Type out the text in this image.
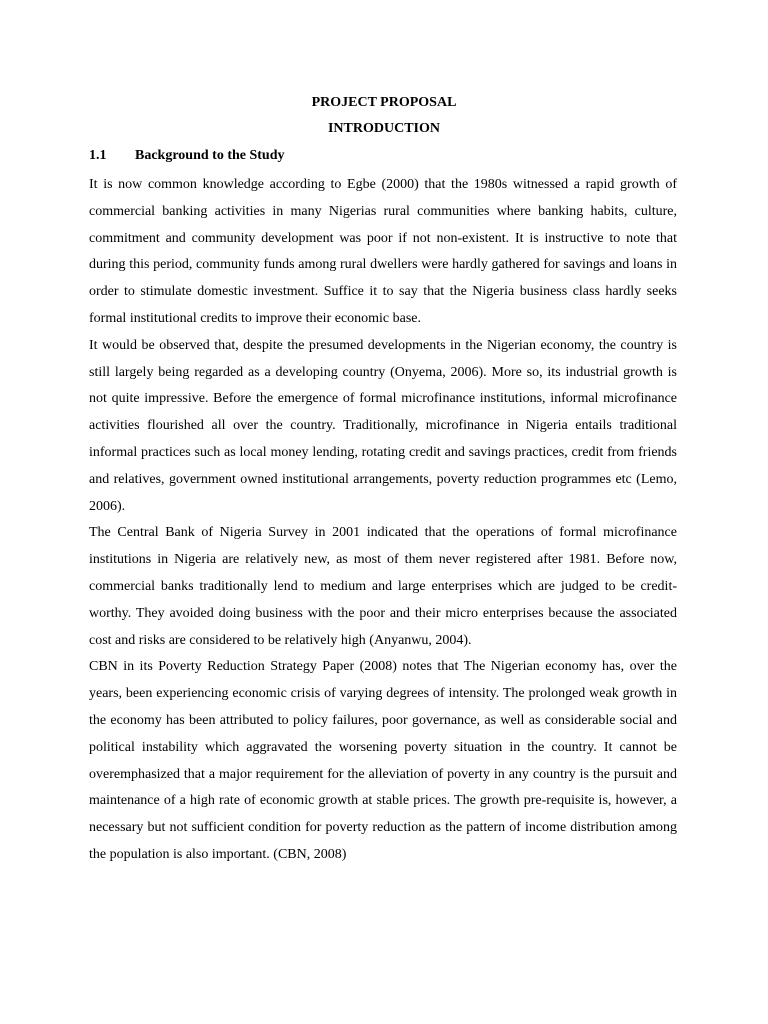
PROJECT PROPOSAL
INTRODUCTION
1.1 Background to the Study

It is now common knowledge according to Egbe (2000) that the 1980s witnessed a rapid growth of commercial banking activities in many Nigerias rural communities where banking habits, culture, commitment and community development was poor if not non-existent. It is instructive to note that during this period, community funds among rural dwellers were hardly gathered for savings and loans in order to stimulate domestic investment. Suffice it to say that the Nigeria business class hardly seeks formal institutional credits to improve their economic base.

It would be observed that, despite the presumed developments in the Nigerian economy, the country is still largely being regarded as a developing country (Onyema, 2006). More so, its industrial growth is not quite impressive. Before the emergence of formal microfinance institutions, informal microfinance activities flourished all over the country. Traditionally, microfinance in Nigeria entails traditional informal practices such as local money lending, rotating credit and savings practices, credit from friends and relatives, government owned institutional arrangements, poverty reduction programmes etc (Lemo, 2006).

The Central Bank of Nigeria Survey in 2001 indicated that the operations of formal microfinance institutions in Nigeria are relatively new, as most of them never registered after 1981. Before now, commercial banks traditionally lend to medium and large enterprises which are judged to be credit-worthy. They avoided doing business with the poor and their micro enterprises because the associated cost and risks are considered to be relatively high (Anyanwu, 2004).

CBN in its Poverty Reduction Strategy Paper (2008) notes that The Nigerian economy has, over the years, been experiencing economic crisis of varying degrees of intensity. The prolonged weak growth in the economy has been attributed to policy failures, poor governance, as well as considerable social and political instability which aggravated the worsening poverty situation in the country. It cannot be overemphasized that a major requirement for the alleviation of poverty in any country is the pursuit and maintenance of a high rate of economic growth at stable prices. The growth pre-requisite is, however, a necessary but not sufficient condition for poverty reduction as the pattern of income distribution among the population is also important. (CBN, 2008)
